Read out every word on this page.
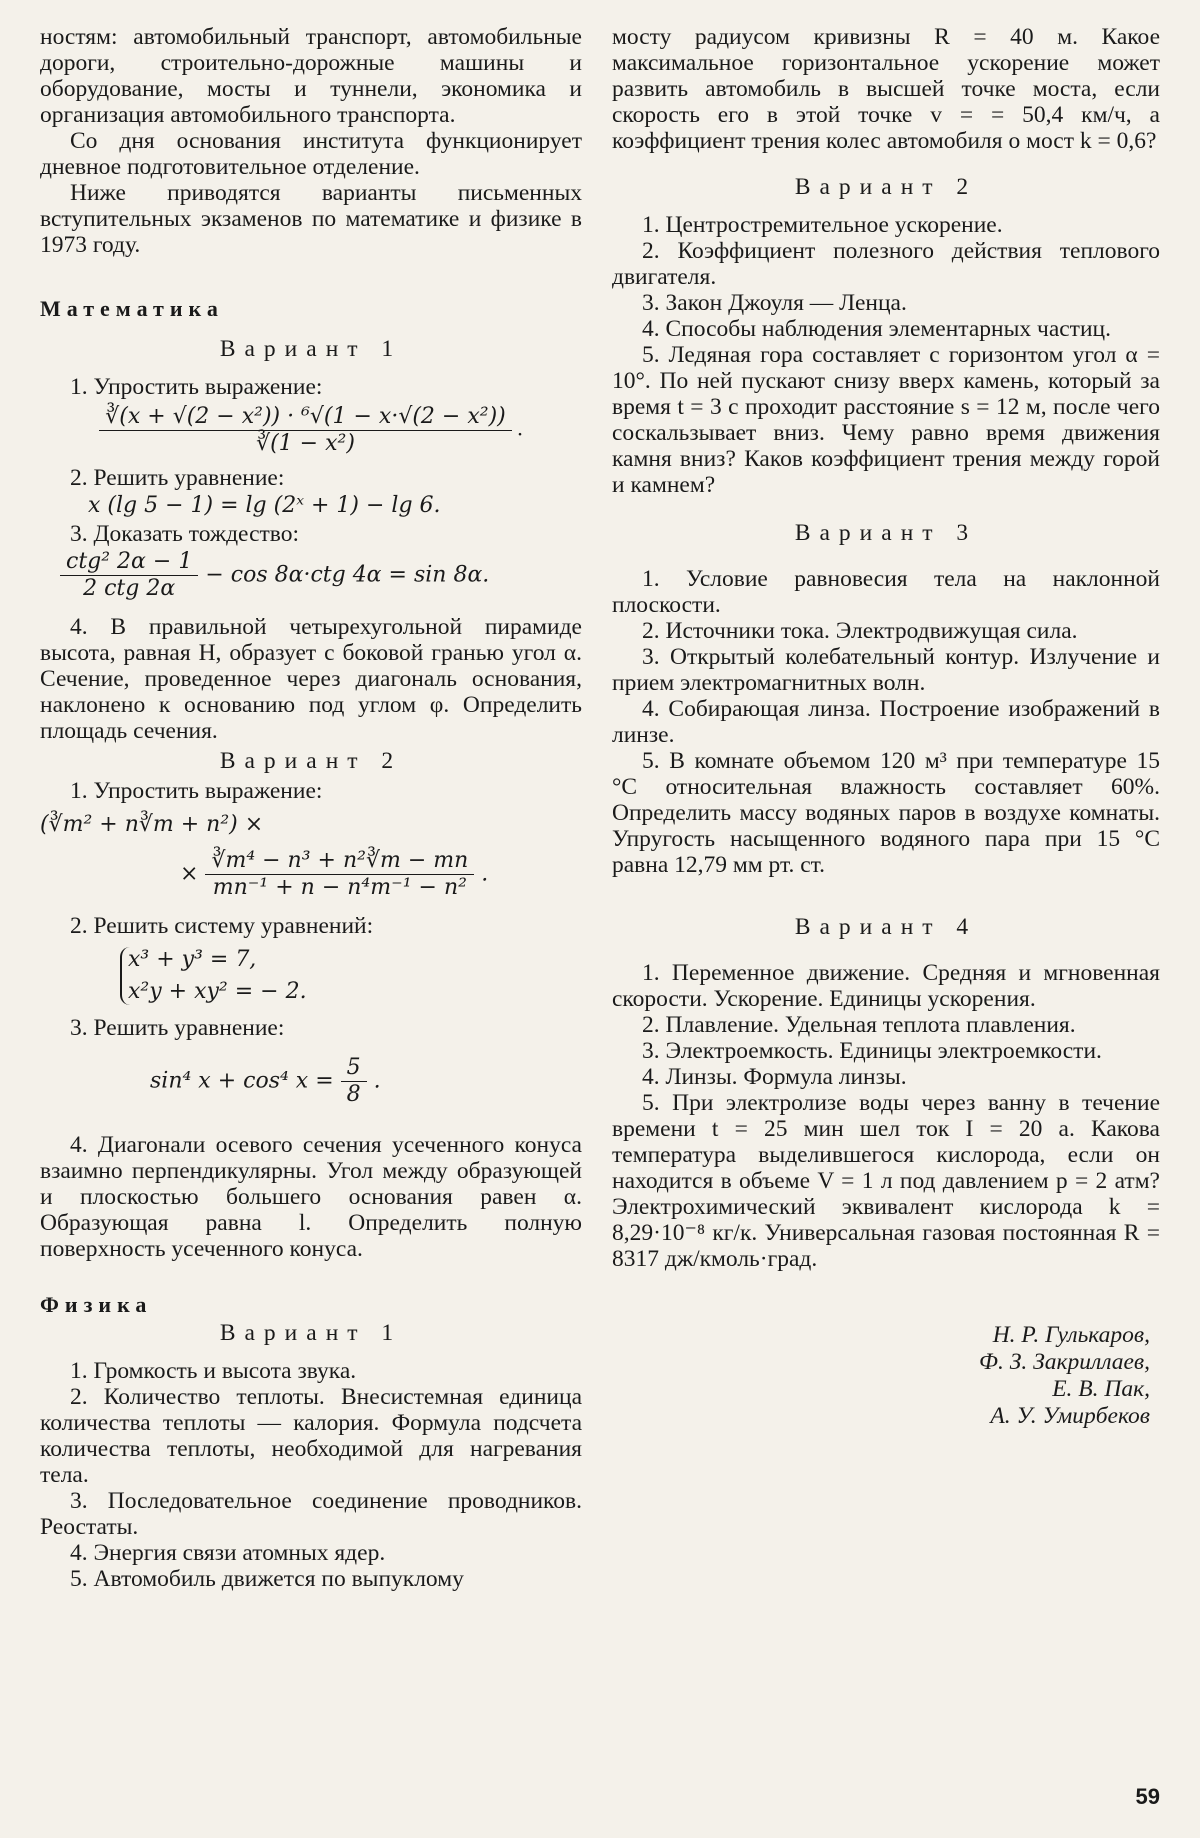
ностям: автомобильный транспорт, автомобильные дороги, строительно-дорожные машины и оборудование, мосты и туннели, экономика и организация автомобильного транспорта.

Со дня основания института функционирует дневное подготовительное отделение.

Ниже приводятся варианты письменных вступительных экзаменов по математике и физике в 1973 году.

Математика
Вариант 1

1. Упростить выражение:

$\frac{\text{∛(x + √(2 − x²)) · ⁶√(1 − x·√(2 − x²))}}{\text{∛(1 − x²)}}$ .

2. Решить уравнение:

x (lg 5 − 1) = lg (2ˣ + 1) − lg 6.

3. Доказать тождество:

$\frac{\text{ctg² 2α − 1}}{\text{2 ctg 2α}} - \cos 8\alpha\cdot ctg$ 4α = sin 8α.

4. В правильной четырехугольной пирамиде высота, равная H, образует с боковой гранью угол α. Сечение, проведенное через диагональ основания, наклонено к основанию под углом φ. Определить площадь сечения.

Вариант 2

1. Упростить выражение:

(∛m² + n∛m + n²) ×
× $\frac{\text{∛m⁴ − n³ + n²∛m − mn}}{\text{mn⁻¹ + n − n⁴m⁻¹ − n²}}$ .

2. Решить систему уравнений:

x³ + y³ = 7,
x²y + xy² = − 2.

3. Решить уравнение:

sin⁴ x + cos⁴ $x = \frac{5}{8}$ .

4. Диагонали осевого сечения усеченного конуса взаимно перпендикулярны. Угол между образующей и плоскостью большего основания равен α. Образующая равна l. Определить полную поверхность усеченного конуса.

Физика
Вариант 1

1. Громкость и высота звука.

2. Количество теплоты. Внесистемная единица количества теплоты — калория. Формула подсчета количества теплоты, необходимой для нагревания тела.

3. Последовательное соединение проводников. Реостаты.

4. Энергия связи атомных ядер.

5. Автомобиль движется по выпуклому

мосту радиусом кривизны R = 40 м. Какое максимальное горизонтальное ускорение может развить автомобиль в высшей точке моста, если скорость его в этой точке v = = 50,4 км/ч, а коэффициент трения колес автомобиля о мост k = 0,6?

Вариант 2

1. Центростремительное ускорение.

2. Коэффициент полезного действия теплового двигателя.

3. Закон Джоуля — Ленца.

4. Способы наблюдения элементарных частиц.

5. Ледяная гора составляет с горизонтом угол α = 10°. По ней пускают снизу вверх камень, который за время t = 3 с проходит расстояние s = 12 м, после чего соскальзывает вниз. Чему равно время движения камня вниз? Каков коэффициент трения между горой и камнем?

Вариант 3

1. Условие равновесия тела на наклонной плоскости.

2. Источники тока. Электродвижущая сила.

3. Открытый колебательный контур. Излучение и прием электромагнитных волн.

4. Собирающая линза. Построение изображений в линзе.

5. В комнате объемом 120 м³ при температуре 15 °С относительная влажность составляет 60%. Определить массу водяных паров в воздухе комнаты. Упругость насыщенного водяного пара при 15 °С равна 12,79 мм рт. ст.

Вариант 4

1. Переменное движение. Средняя и мгновенная скорости. Ускорение. Единицы ускорения.

2. Плавление. Удельная теплота плавления.

3. Электроемкость. Единицы электроемкости.

4. Линзы. Формула линзы.

5. При электролизе воды через ванну в течение времени t = 25 мин шел ток I = 20 а. Какова температура выделившегося кислорода, если он находится в объеме V = 1 л под давлением p = 2 атм? Электрохимический эквивалент кислорода k = 8,29·10⁻⁸ кг/к. Универсальная газовая постоянная R = 8317 дж/кмоль·град.

Н. Р. Гулькаров,
Ф. З. Закриллаев,
Е. В. Пак,
А. У. Умирбеков
59
